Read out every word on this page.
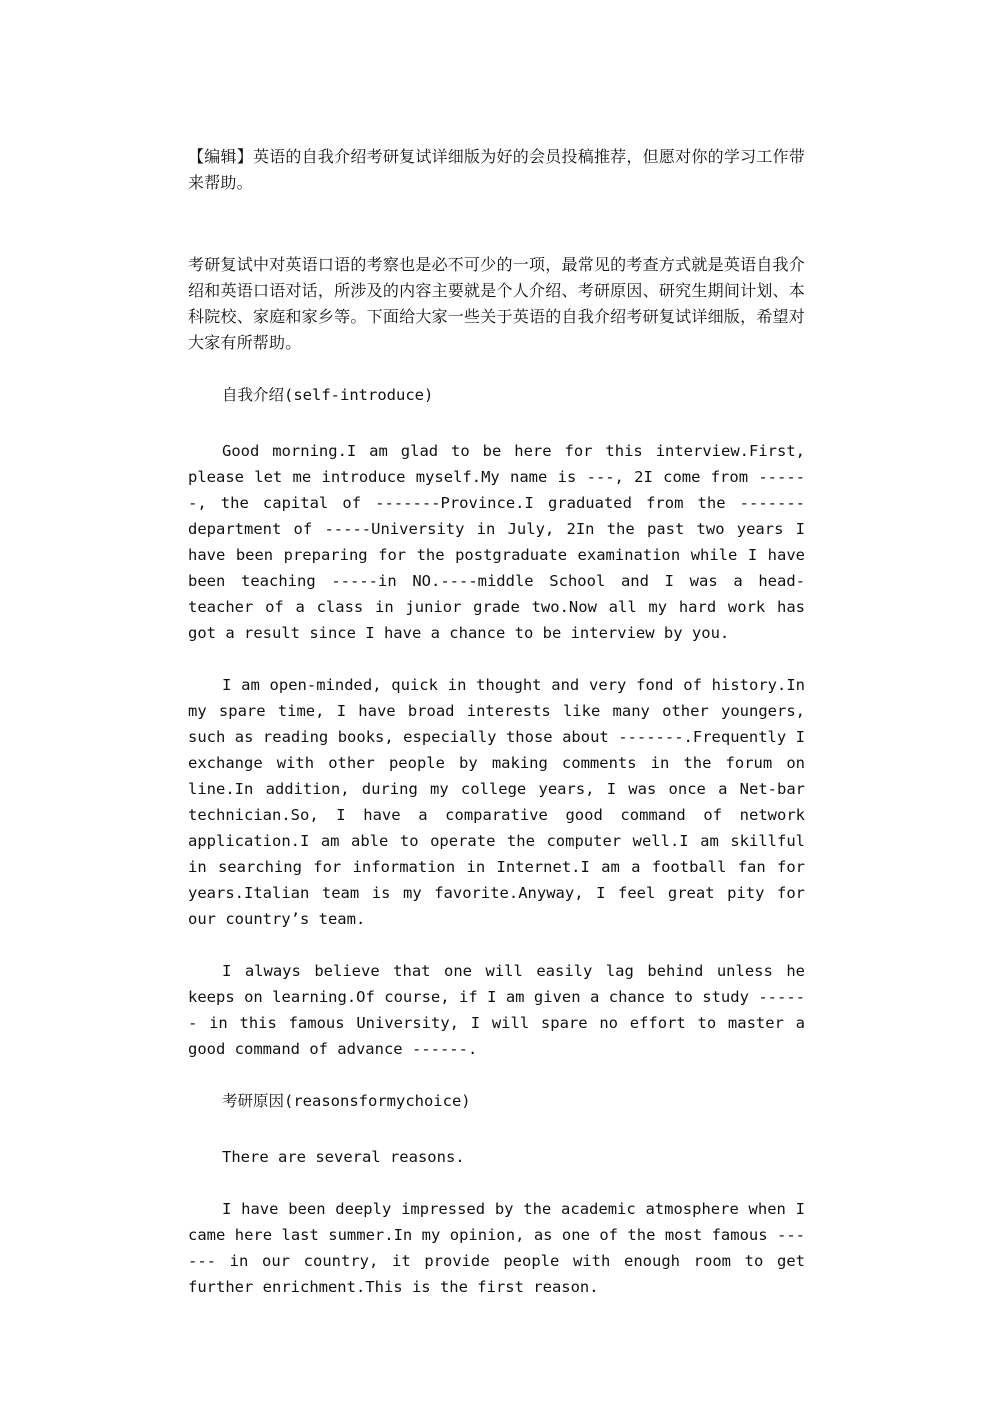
【编辑】英语的自我介绍考研复试详细版为好的会员投稿推荐，但愿对你的学习工作带来帮助。

考研复试中对英语口语的考察也是必不可少的一项，最常见的考查方式就是英语自我介绍和英语口语对话，所涉及的内容主要就是个人介绍、考研原因、研究生期间计划、本科院校、家庭和家乡等。下面给大家一些关于英语的自我介绍考研复试详细版，希望对大家有所帮助。

自我介绍(self-introduce)

Good morning.I am glad to be here for this interview.First, please let me introduce myself.My name is ---, 2I come from ------, the capital of -------Province.I graduated from the ------- department of -----University in July, 2In the past two years I have been preparing for the postgraduate examination while I have been teaching -----in NO.----middle School and I was a head-teacher of a class in junior grade two.Now all my hard work has got a result since I have a chance to be interview by you.

I am open-minded, quick in thought and very fond of history.In my spare time, I have broad interests like many other youngers, such as reading books, especially those about -------.Frequently I exchange with other people by making comments in the forum on line.In addition, during my college years, I was once a Net-bar technician.So, I have a comparative good command of network application.I am able to operate the computer well.I am skillful in searching for information in Internet.I am a football fan for years.Italian team is my favorite.Anyway, I feel great pity for our country’s team.

I always believe that one will easily lag behind unless he keeps on learning.Of course, if I am given a chance to study ------ in this famous University, I will spare no effort to master a good command of advance ------.

考研原因(reasonsformychoice)

There are several reasons.

I have been deeply impressed by the academic atmosphere when I came here last summer.In my opinion, as one of the most famous ------ in our country, it provide people with enough room to get further enrichment.This is the first reason.
